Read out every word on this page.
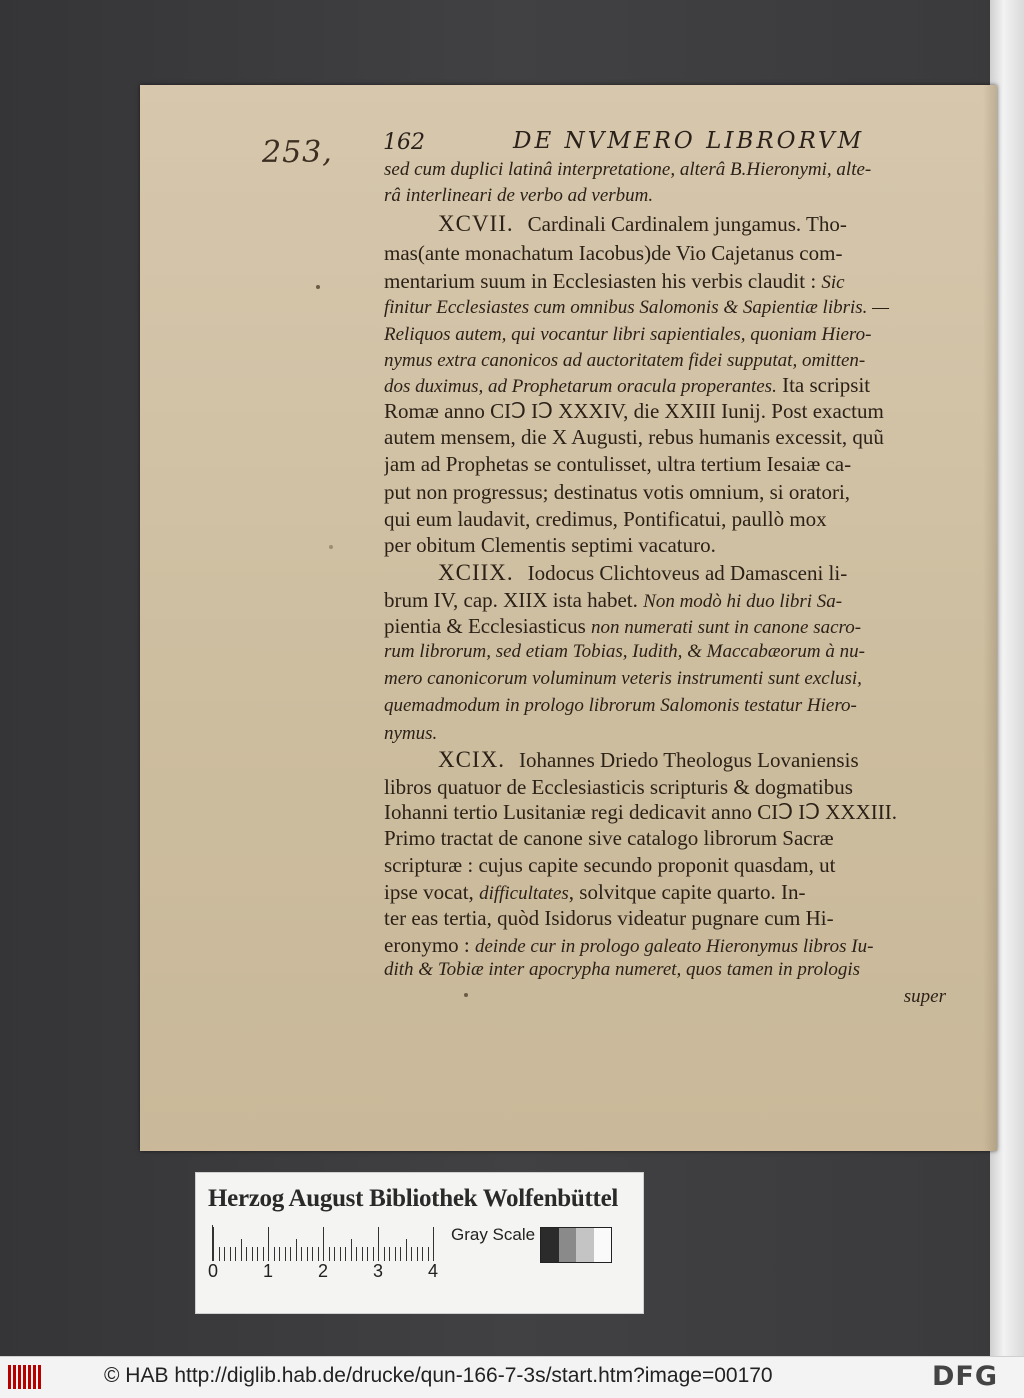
253, 162	DE NVMERO LIBRORVM
sed cum duplici latinâ interpretatione, alterâ B.Hieronymi, alte-
râ interlineari de verbo ad verbum.
XCVII. Cardinali Cardinalem jungamus. Tho-
mas(ante monachatum Iacobus)de Vio Cajetanus com-
mentarium suum in Ecclesiasten his verbis claudit : Sic
finitur Ecclesiastes cum omnibus Salomonis & Sapientiæ libris. —
Reliquos autem, qui vocantur libri sapientiales, quoniam Hiero-
nymus extra canonicos ad auctoritatem fidei supputat, omitten-
dos duximus, ad Prophetarum oracula properantes. Ita scripsit
Romæ anno CIↃ IↃ XXXIV, die XXIII Iunij. Post exactum
autem mensem, die X Augusti, rebus humanis excessit, quũ
jam ad Prophetas se contulisset, ultra tertium Iesaiæ ca-
put non progressus; destinatus votis omnium, si oratori,
qui eum laudavit, credimus, Pontificatui, paullò mox
per obitum Clementis septimi vacaturo.
XCIIX. Iodocus Clichtoveus ad Damasceni li-
brum IV, cap. XIIX ista habet. Non modò hi duo libri Sa-
pientia & Ecclesiasticus non numerati sunt in canone sacro-
rum librorum, sed etiam Tobias, Iudith, & Maccabæorum à nu-
mero canonicorum voluminum veteris instrumenti sunt exclusi,
quemadmodum in prologo librorum Salomonis testatur Hiero-
nymus.
XCIX. Iohannes Driedo Theologus Lovaniensis
libros quatuor de Ecclesiasticis scripturis & dogmatibus
Iohanni tertio Lusitaniæ regi dedicavit anno CIↃ IↃ XXXIII.
Primo tractat de canone sive catalogo librorum Sacræ
scripturæ : cujus capite secundo proponit quasdam, ut
ipse vocat, difficultates, solvitque capite quarto. In-
ter eas tertia, quòd Isidorus videatur pugnare cum Hi-
eronymo : deinde cur in prologo galeato Hieronymus libros Iu-
dith & Tobiæ inter apocrypha numeret, quos tamen in prologis
super
Herzog August Bibliothek Wolfenbüttel
0 1 2 3 4
Gray Scale
© HAB http://diglib.hab.de/drucke/qun-166-7-3s/start.htm?image=00170	DFG
